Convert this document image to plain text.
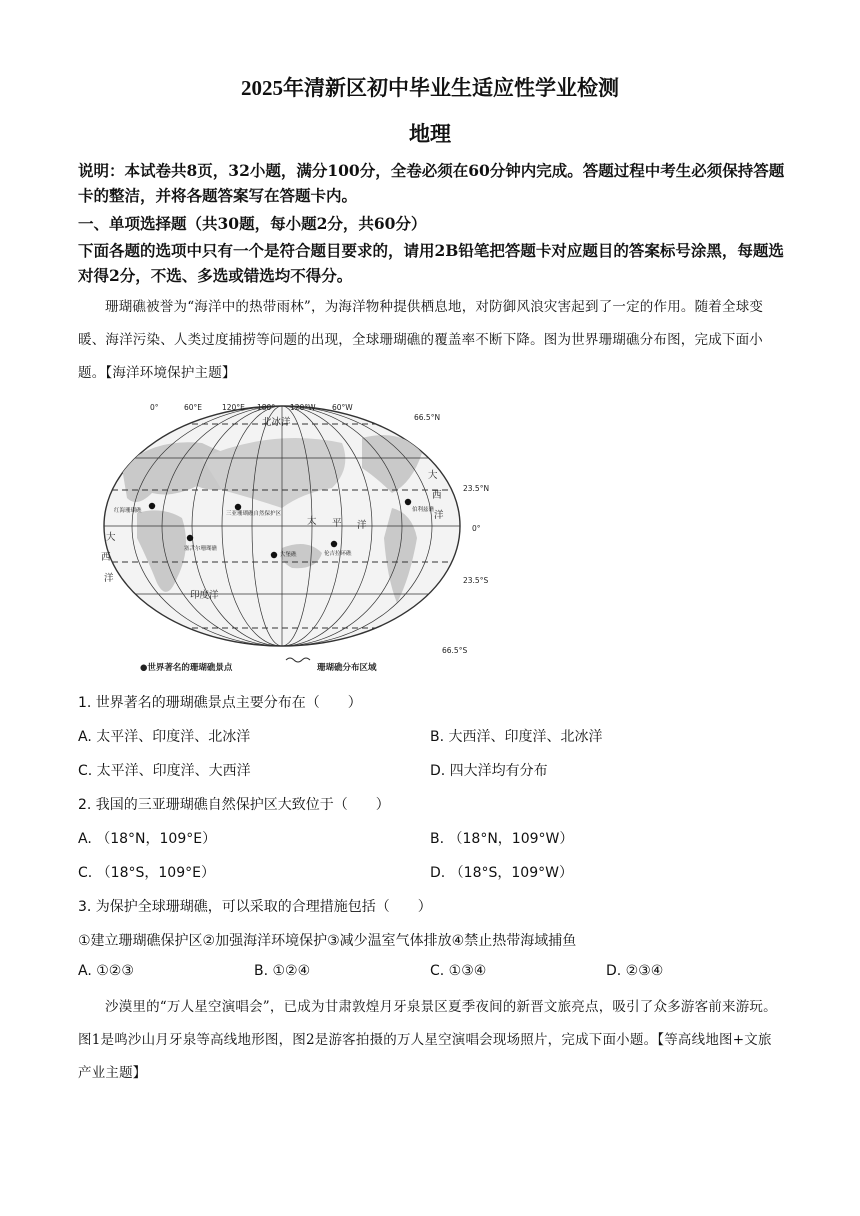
2025年清新区初中毕业生适应性学业检测
地理
说明：本试卷共8页，32小题，满分100分，全卷必须在60分钟内完成。答题过程中考生必须保持答题卡的整洁，并将各题答案写在答题卡内。
一、单项选择题（共30题，每小题2分，共60分）
下面各题的选项中只有一个是符合题目要求的，请用2B铅笔把答题卡对应题目的答案标号涂黑，每题选对得2分，不选、多选或错选均不得分。
珊瑚礁被誉为“海洋中的热带雨林”，为海洋物种提供栖息地，对防御风浪灾害起到了一定的作用。随着全球变暖、海洋污染、人类过度捕捞等问题的出现，全球珊瑚礁的覆盖率不断下降。图为世界珊瑚礁分布图，完成下面小题。【海洋环境保护主题】
0°	60°E	120°E 180° 120°W 60°W
66.5°N
23.5°N
0°
23.5°S
66.5°S
北冰洋
太 平 洋
印度洋
大
西
洋
大
西
洋
红海珊瑚礁	三亚珊瑚礁自然保护区
塞舌尔珊瑚礁
大堡礁
伯利兹礁
伦吉拉环礁
●世界著名的珊瑚礁景点	珊瑚礁分布区域
1. 世界著名的珊瑚礁景点主要分布在（　　）
A. 太平洋、印度洋、北冰洋	B. 大西洋、印度洋、北冰洋
C. 太平洋、印度洋、大西洋	D. 四大洋均有分布
2. 我国的三亚珊瑚礁自然保护区大致位于（　　）
A. （18°N，109°E）	B. （18°N，109°W）
C. （18°S，109°E）	D. （18°S，109°W）
3. 为保护全球珊瑚礁，可以采取的合理措施包括（　　）
①建立珊瑚礁保护区②加强海洋环境保护③减少温室气体排放④禁止热带海域捕鱼
A. ①②③	B. ①②④	C. ①③④	D. ②③④
沙漠里的“万人星空演唱会”，已成为甘肃敦煌月牙泉景区夏季夜间的新晋文旅亮点，吸引了众多游客前来游玩。图1是鸣沙山月牙泉等高线地形图，图2是游客拍摄的万人星空演唱会现场照片，完成下面小题。【等高线地图+文旅产业主题】
